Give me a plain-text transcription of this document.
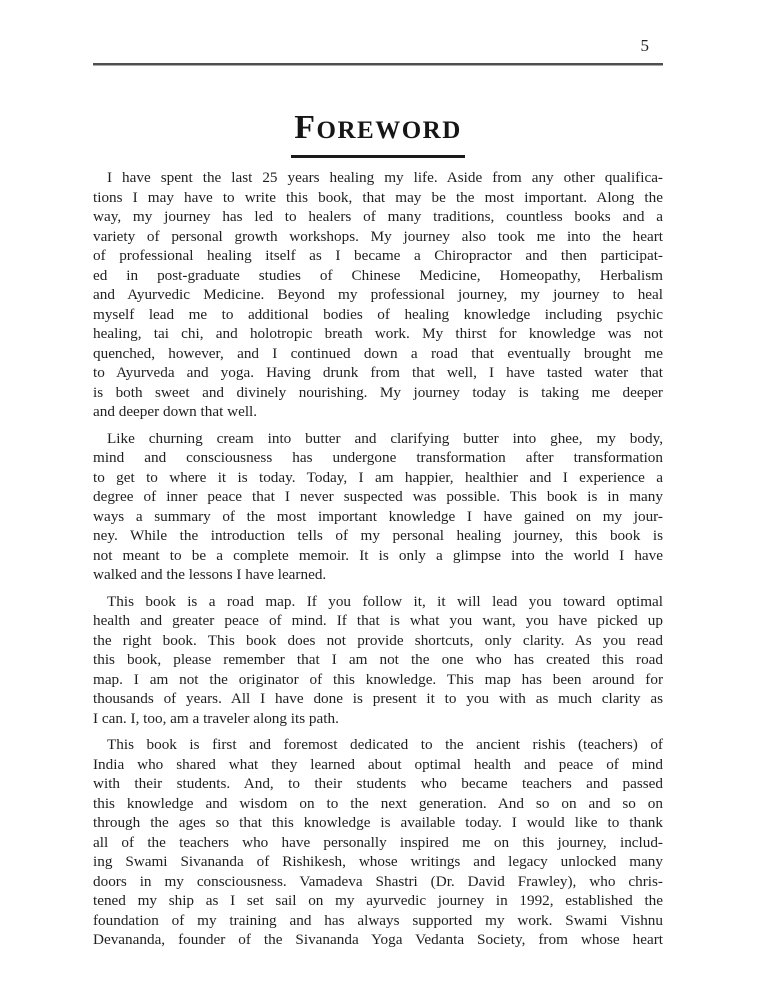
5
FOREWORD
I have spent the last 25 years healing my life. Aside from any other qualifica-
tions I may have to write this book, that may be the most important. Along the
way, my journey has led to healers of many traditions, countless books and a
variety of personal growth workshops. My journey also took me into the heart
of professional healing itself as I became a Chiropractor and then participat-
ed in post-graduate studies of Chinese Medicine, Homeopathy, Herbalism
and Ayurvedic Medicine. Beyond my professional journey, my journey to heal
myself lead me to additional bodies of healing knowledge including psychic
healing, tai chi, and holotropic breath work. My thirst for knowledge was not
quenched, however, and I continued down a road that eventually brought me
to Ayurveda and yoga. Having drunk from that well, I have tasted water that
is both sweet and divinely nourishing. My journey today is taking me deeper
and deeper down that well.
Like churning cream into butter and clarifying butter into ghee, my body,
mind and consciousness has undergone transformation after transformation
to get to where it is today. Today, I am happier, healthier and I experience a
degree of inner peace that I never suspected was possible. This book is in many
ways a summary of the most important knowledge I have gained on my jour-
ney. While the introduction tells of my personal healing journey, this book is
not meant to be a complete memoir. It is only a glimpse into the world I have
walked and the lessons I have learned.
This book is a road map. If you follow it, it will lead you toward optimal
health and greater peace of mind. If that is what you want, you have picked up
the right book. This book does not provide shortcuts, only clarity. As you read
this book, please remember that I am not the one who has created this road
map. I am not the originator of this knowledge. This map has been around for
thousands of years. All I have done is present it to you with as much clarity as
I can. I, too, am a traveler along its path.
This book is first and foremost dedicated to the ancient rishis (teachers) of
India who shared what they learned about optimal health and peace of mind
with their students. And, to their students who became teachers and passed
this knowledge and wisdom on to the next generation. And so on and so on
through the ages so that this knowledge is available today. I would like to thank
all of the teachers who have personally inspired me on this journey, includ-
ing Swami Sivananda of Rishikesh, whose writings and legacy unlocked many
doors in my consciousness. Vamadeva Shastri (Dr. David Frawley), who chris-
tened my ship as I set sail on my ayurvedic journey in 1992, established the
foundation of my training and has always supported my work. Swami Vishnu
Devananda, founder of the Sivananda Yoga Vedanta Society, from whose heart
